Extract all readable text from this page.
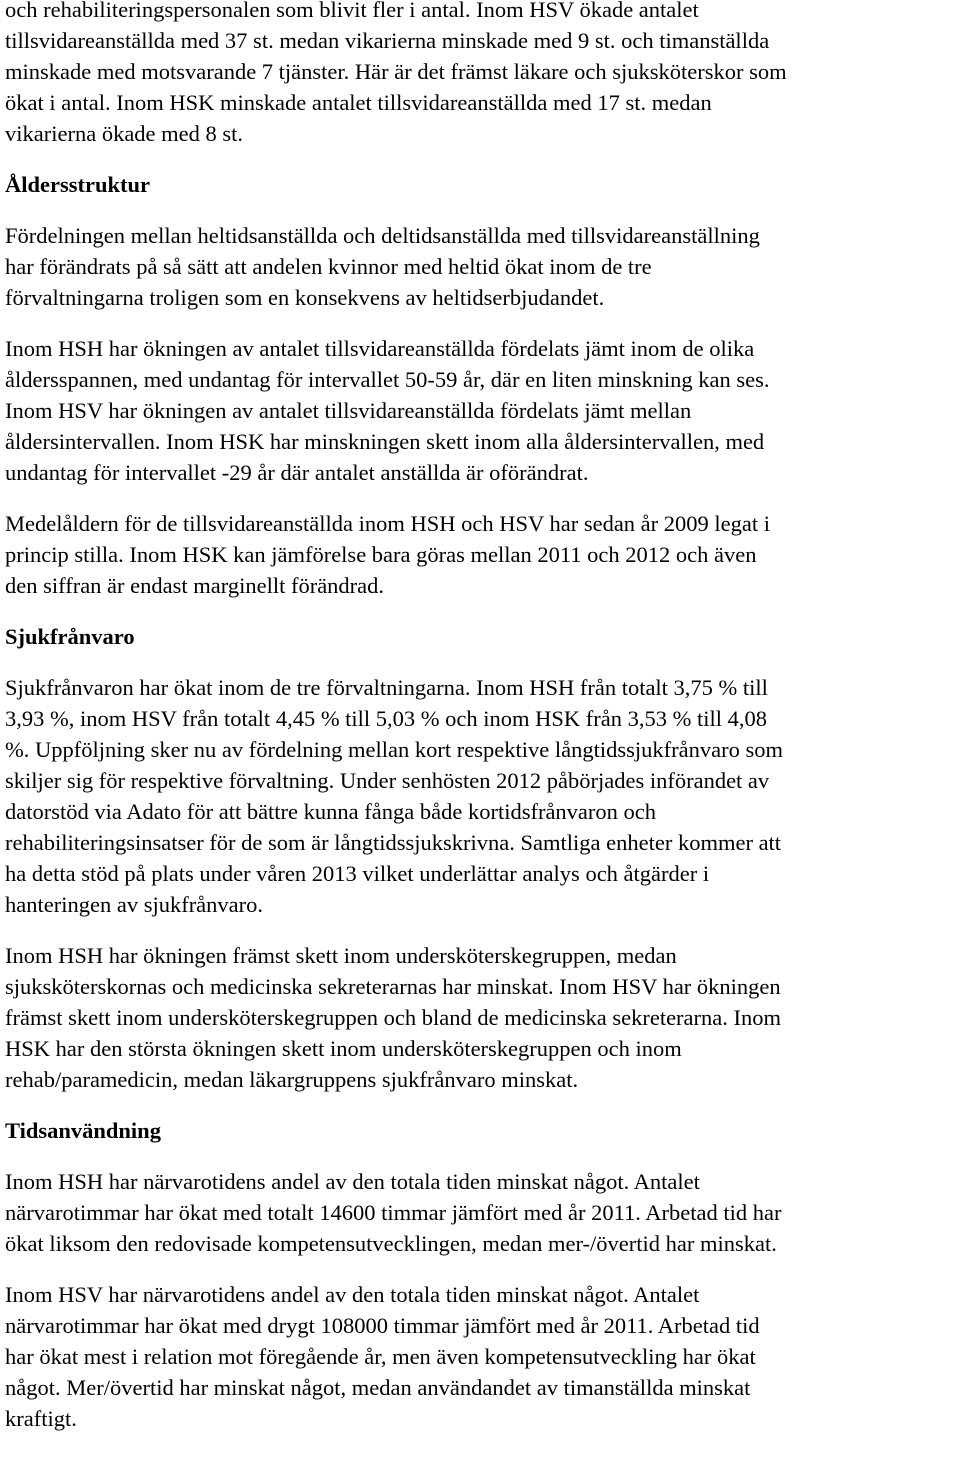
och rehabiliteringspersonalen som blivit fler i antal. Inom HSV ökade antalet
tillsvidareanställda med 37 st. medan vikarierna minskade med 9 st. och timanställda
minskade med motsvarande 7 tjänster. Här är det främst läkare och sjuksköterskor som
ökat i antal. Inom HSK minskade antalet tillsvidareanställda med 17 st. medan
vikarierna ökade med 8 st.

Åldersstruktur

Fördelningen mellan heltidsanställda och deltidsanställda med tillsvidareanställning
har förändrats på så sätt att andelen kvinnor med heltid ökat inom de tre
förvaltningarna troligen som en konsekvens av heltidserbjudandet.

Inom HSH har ökningen av antalet tillsvidareanställda fördelats jämt inom de olika
åldersspannen, med undantag för intervallet 50-59 år, där en liten minskning kan ses.
Inom HSV har ökningen av antalet tillsvidareanställda fördelats jämt mellan
åldersintervallen. Inom HSK har minskningen skett inom alla åldersintervallen, med
undantag för intervallet -29 år där antalet anställda är oförändrat.

Medelåldern för de tillsvidareanställda inom HSH och HSV har sedan år 2009 legat i
princip stilla. Inom HSK kan jämförelse bara göras mellan 2011 och 2012 och även
den siffran är endast marginellt förändrad.

Sjukfrånvaro

Sjukfrånvaron har ökat inom de tre förvaltningarna. Inom HSH från totalt 3,75 % till
3,93 %, inom HSV från totalt 4,45 % till 5,03 % och inom HSK från 3,53 % till 4,08
%. Uppföljning sker nu av fördelning mellan kort respektive långtidssjukfrånvaro som
skiljer sig för respektive förvaltning. Under senhösten 2012 påbörjades införandet av
datorstöd via Adato för att bättre kunna fånga både kortidsfrånvaron och
rehabiliteringsinsatser för de som är långtidssjukskrivna. Samtliga enheter kommer att
ha detta stöd på plats under våren 2013 vilket underlättar analys och åtgärder i
hanteringen av sjukfrånvaro.

Inom HSH har ökningen främst skett inom undersköterskegruppen, medan
sjuksköterskornas och medicinska sekreterarnas har minskat. Inom HSV har ökningen
främst skett inom undersköterskegruppen och bland de medicinska sekreterarna. Inom
HSK har den största ökningen skett inom undersköterskegruppen och inom
rehab/paramedicin, medan läkargruppens sjukfrånvaro minskat.

Tidsanvändning

Inom HSH har närvarotidens andel av den totala tiden minskat något. Antalet
närvarotimmar har ökat med totalt 14600 timmar jämfört med år 2011. Arbetad tid har
ökat liksom den redovisade kompetensutvecklingen, medan mer-/övertid har minskat.

Inom HSV har närvarotidens andel av den totala tiden minskat något. Antalet
närvarotimmar har ökat med drygt 108000 timmar jämfört med år 2011. Arbetad tid
har ökat mest i relation mot föregående år, men även kompetensutveckling har ökat
något. Mer/övertid har minskat något, medan användandet av timanställda minskat
kraftigt.
